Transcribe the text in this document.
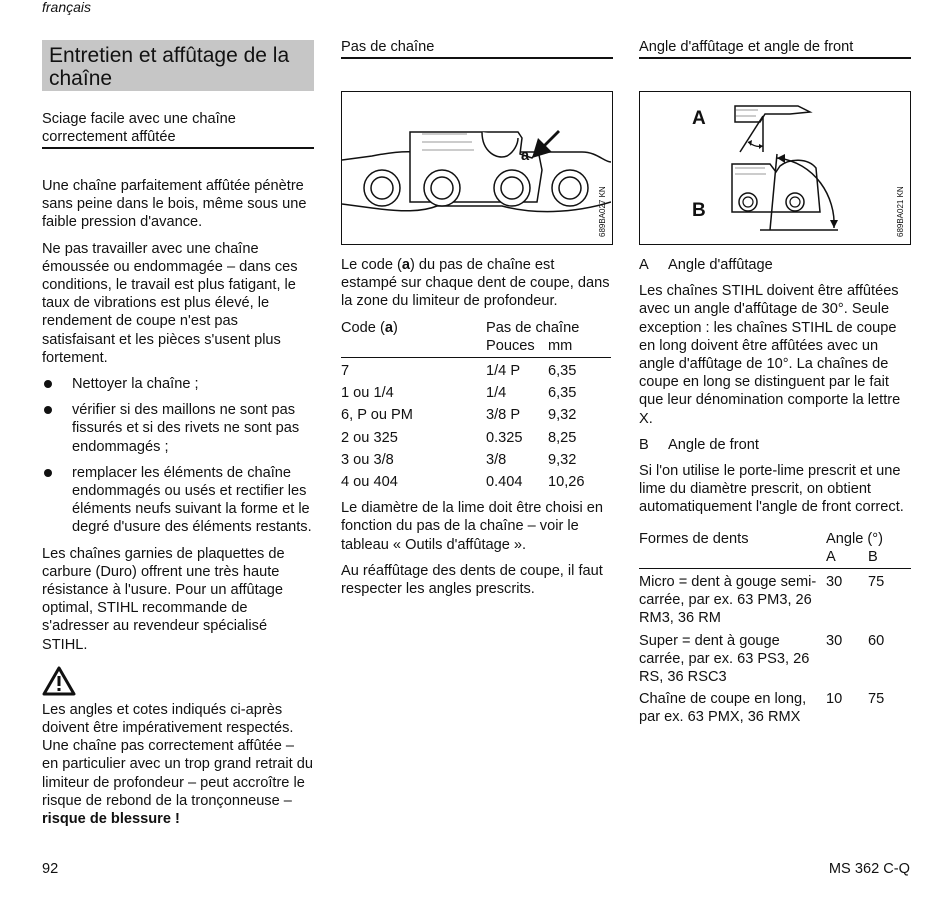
français
Entretien et affûtage de la chaîne
Sciage facile avec une chaîne correctement affûtée

Une chaîne parfaitement affûtée pénètre sans peine dans le bois, même sous une faible pression d'avance.

Ne pas travailler avec une chaîne émoussée ou endommagée – dans ces conditions, le travail est plus fatigant, le taux de vibrations est plus élevé, le rendement de coupe n'est pas satisfaisant et les pièces s'usent plus fortement.

Nettoyer la chaîne ;
vérifier si des maillons ne sont pas fissurés et si des rivets ne sont pas endommagés ;
remplacer les éléments de chaîne endommagés ou usés et rectifier les éléments neufs suivant la forme et le degré d'usure des éléments restants.

Les chaînes garnies de plaquettes de carbure (Duro) offrent une très haute résistance à l'usure. Pour un affûtage optimal, STIHL recommande de s'adresser au revendeur spécialisé STIHL.

Les angles et cotes indiqués ci-après doivent être impérativement respectés. Une chaîne pas correctement affûtée – en particulier avec un trop grand retrait du limiteur de profondeur – peut accroître le risque de rebond de la tronçonneuse – risque de blessure !

Pas de chaîne
689BA027 KN
a

Le code (a) du pas de chaîne est estampé sur chaque dent de coupe, dans la zone du limiteur de profondeur.

Code (a)	Pas de chaîne	
	Pouces	mm
7	1/4 P	6,35
1 ou 1/4	1/4	6,35
6, P ou PM	3/8 P	9,32
2 ou 325	0.325	8,25
3 ou 3/8	3/8	9,32
4 ou 404	0.404	10,26

Le diamètre de la lime doit être choisi en fonction du pas de la chaîne – voir le tableau « Outils d'affûtage ».

Au réaffûtage des dents de coupe, il faut respecter les angles prescrits.

Angle d'affûtage et angle de front
689BA021 KN
A
B
A Angle d'affûtage

Les chaînes STIHL doivent être affûtées avec un angle d'affûtage de 30°. Seule exception : les chaînes STIHL de coupe en long doivent être affûtées avec un angle d'affûtage de 10°. La chaînes de coupe en long se distinguent par le fait que leur dénomination comporte la lettre X.

B Angle de front

Si l'on utilise le porte-lime prescrit et une lime du diamètre prescrit, on obtient automatiquement l'angle de front correct.

Formes de dents	Angle (°)	
	A	B
Micro = dent à gouge semi-carrée, par ex. 63 PM3, 26 RM3, 36 RM	30	75
Super = dent à gouge carrée, par ex. 63 PS3, 26 RS, 36 RSC3	30	60
Chaîne de coupe en long, par ex. 63 PMX, 36 RMX	10	75
92	MS 362 C-Q
